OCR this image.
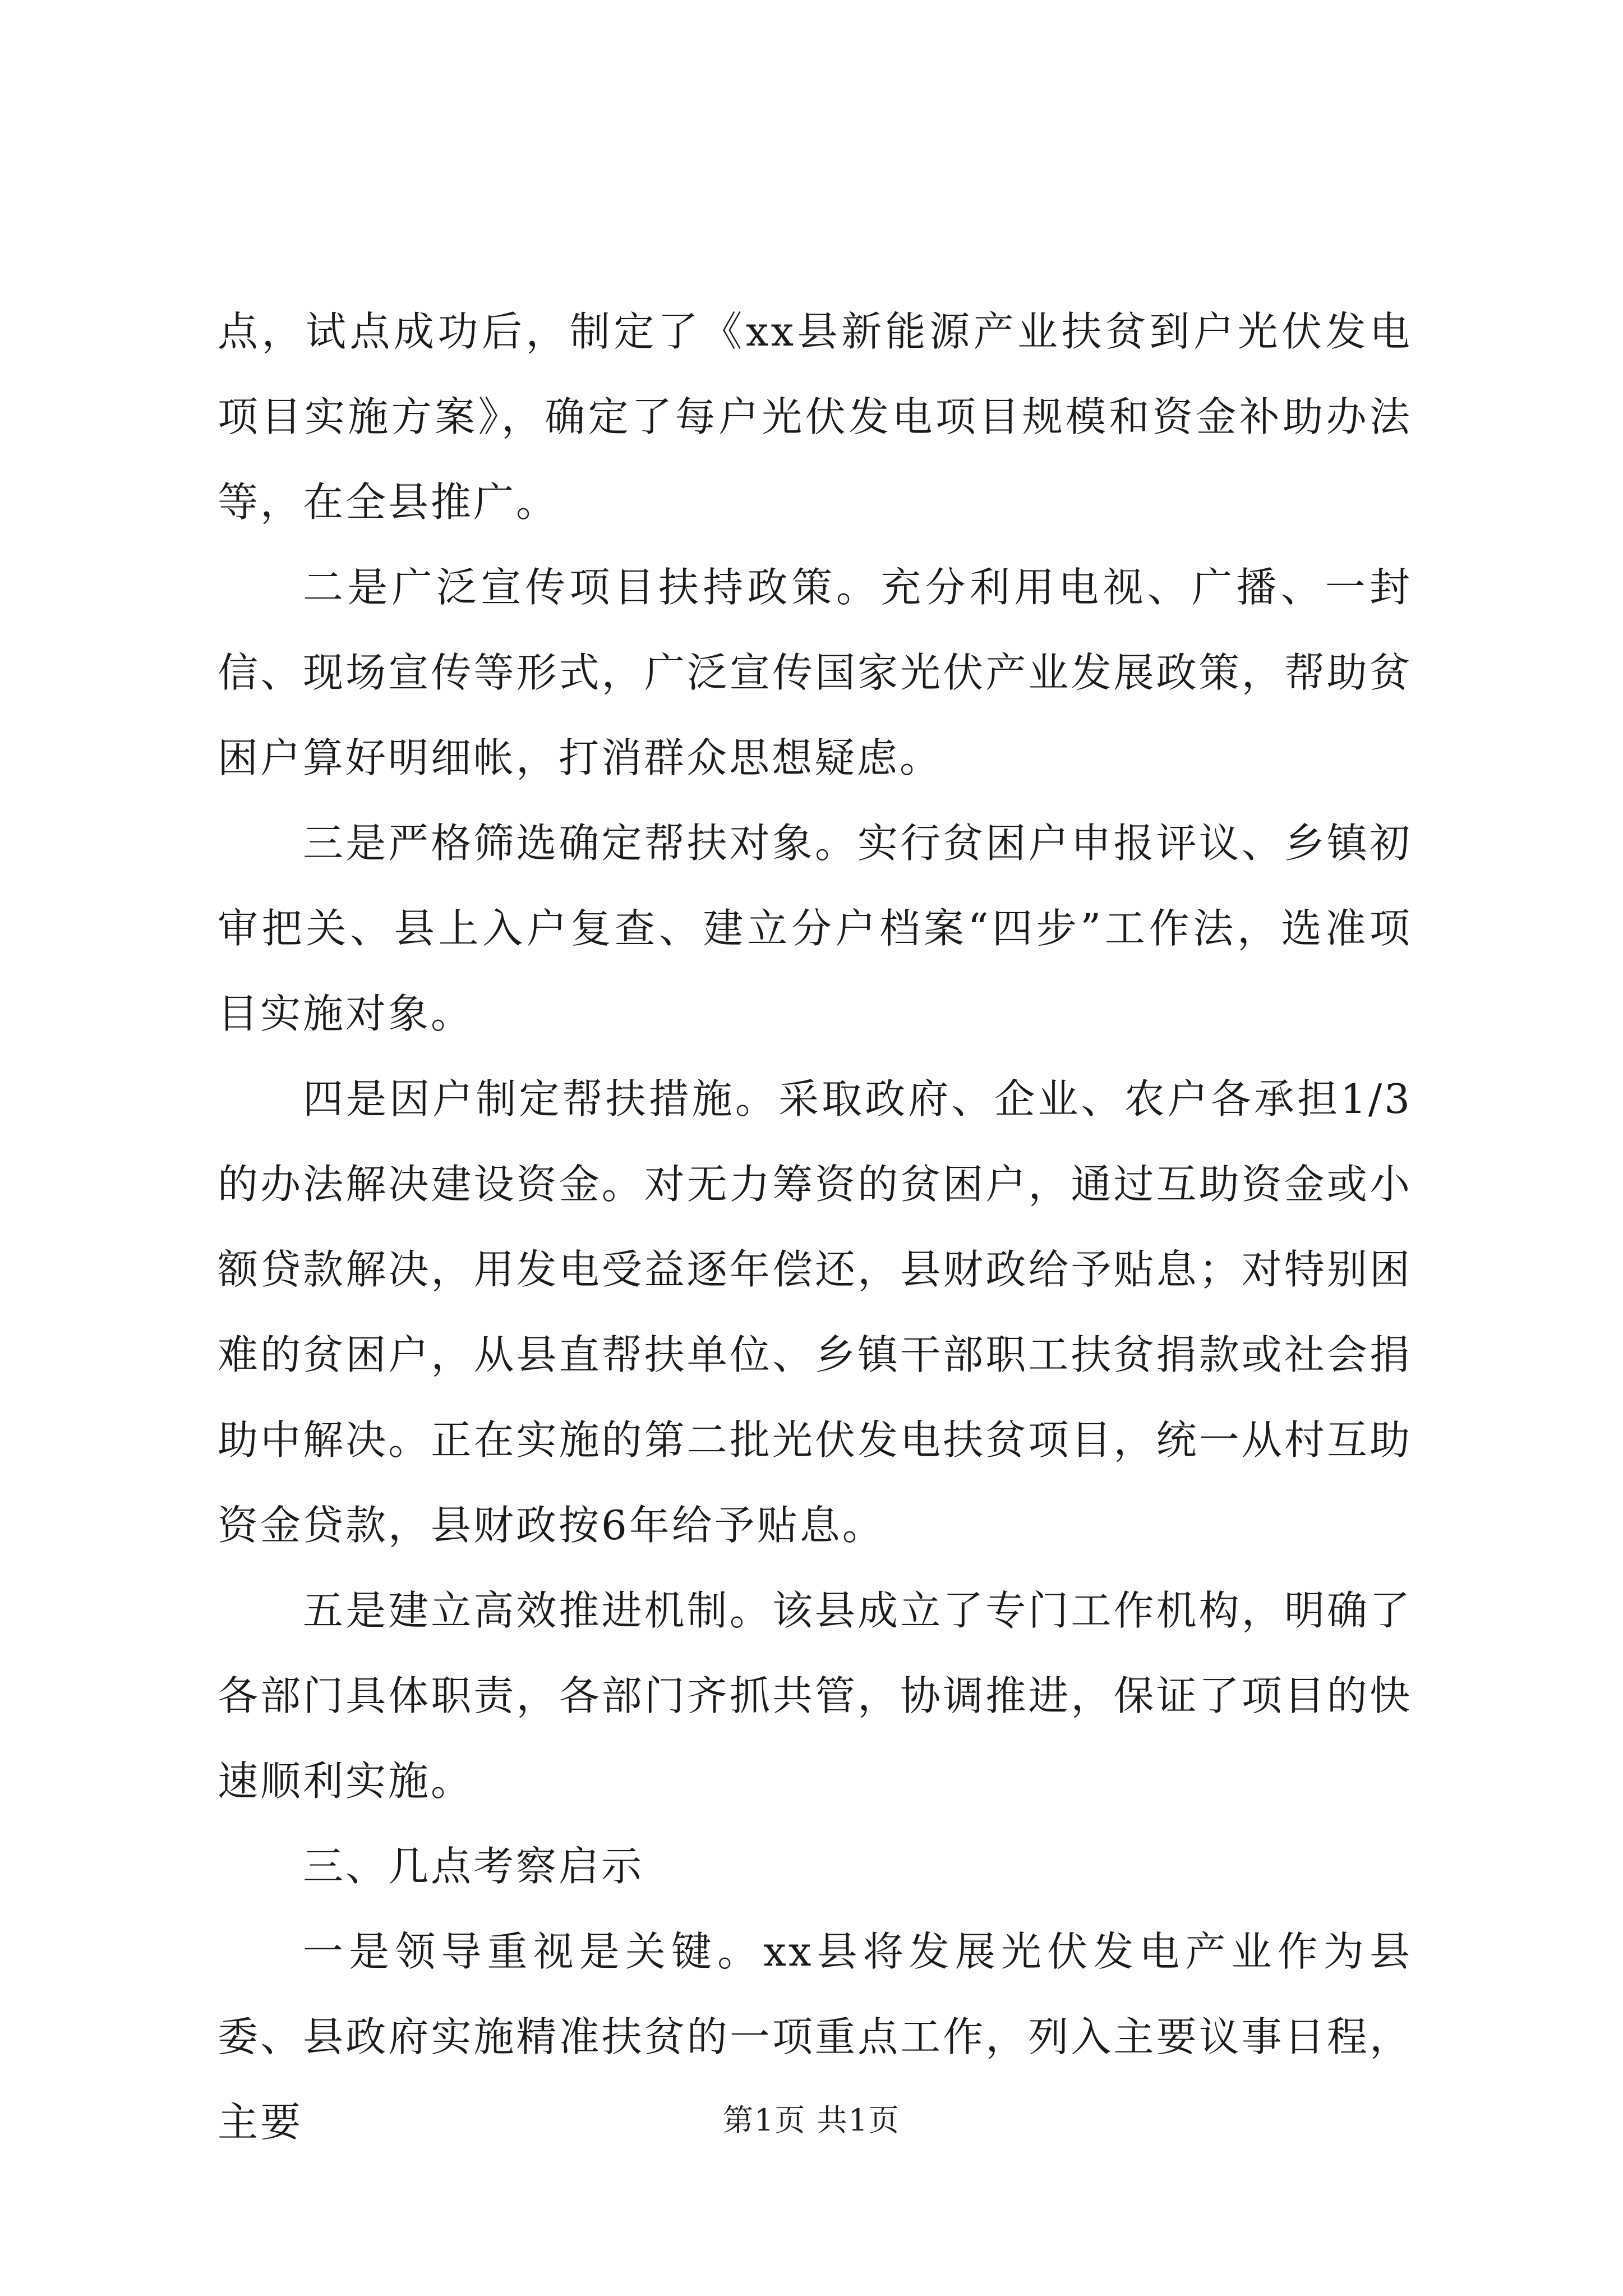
点，试点成功后，制定了《xx县新能源产业扶贫到户光伏发电项目实施方案》，确定了每户光伏发电项目规模和资金补助办法等，在全县推广。

二是广泛宣传项目扶持政策。充分利用电视、广播、一封信、现场宣传等形式，广泛宣传国家光伏产业发展政策，帮助贫困户算好明细帐，打消群众思想疑虑。

三是严格筛选确定帮扶对象。实行贫困户申报评议、乡镇初审把关、县上入户复查、建立分户档案“四步”工作法，选准项目实施对象。

四是因户制定帮扶措施。采取政府、企业、农户各承担1/3的办法解决建设资金。对无力筹资的贫困户，通过互助资金或小额贷款解决，用发电受益逐年偿还，县财政给予贴息；对特别困难的贫困户，从县直帮扶单位、乡镇干部职工扶贫捐款或社会捐助中解决。正在实施的第二批光伏发电扶贫项目，统一从村互助资金贷款，县财政按6年给予贴息。

五是建立高效推进机制。该县成立了专门工作机构，明确了各部门具体职责，各部门齐抓共管，协调推进，保证了项目的快速顺利实施。

三、几点考察启示

一是领导重视是关键。xx县将发展光伏发电产业作为县委、县政府实施精准扶贫的一项重点工作，列入主要议事日程，主要	第1页 共1页
